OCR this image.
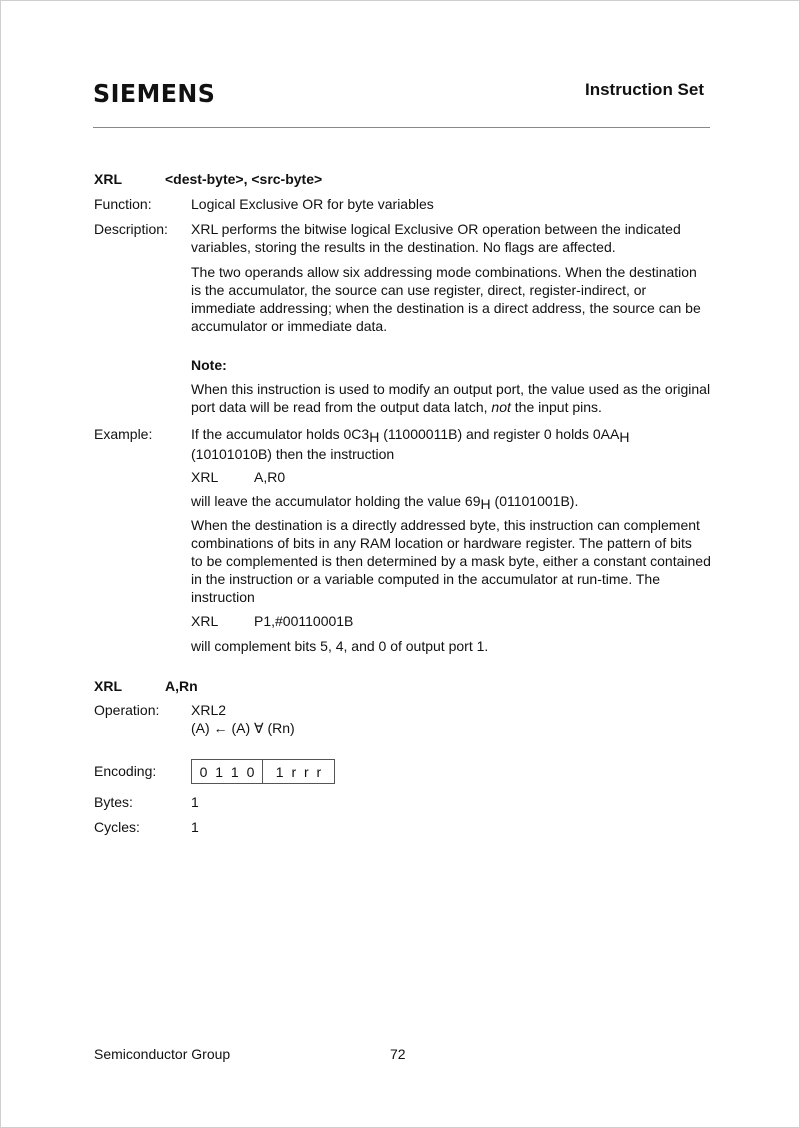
SIEMENS	Instruction Set
XRL	<dest-byte>, <src-byte>
Function:	Logical Exclusive OR for byte variables
Description: XRL performs the bitwise logical Exclusive OR operation between the indicated
variables, storing the results in the destination. No flags are affected.
The two operands allow six addressing mode combinations. When the destination
is the accumulator, the source can use register, direct, register-indirect, or
immediate addressing; when the destination is a direct address, the source can be
accumulator or immediate data.
Note:
When this instruction is used to modify an output port, the value used as the original
port data will be read from the output data latch, not the input pins.
Example:	If the accumulator holds $0C3_H$ (11000011B) and register 0 holds $0AA_H$
(10101010B) then the instruction
XRL	A,R0
will leave the accumulator holding the value $69_H$ (01101001B).
When the destination is a directly addressed byte, this instruction can complement
combinations of bits in any RAM location or hardware register. The pattern of bits
to be complemented is then determined by a mask byte, either a constant contained
in the instruction or a variable computed in the accumulator at run-time. The
instruction
XRL	P1,#00110001B
will complement bits 5, 4, and 0 of output port 1.
XRL	A,Rn
Operation: XRL2
(A) ← (A) ∀ (Rn)
Encoding:	0 1 1 0	1 r r r
Bytes:	1
Cycles:	1
Semiconductor Group	72
